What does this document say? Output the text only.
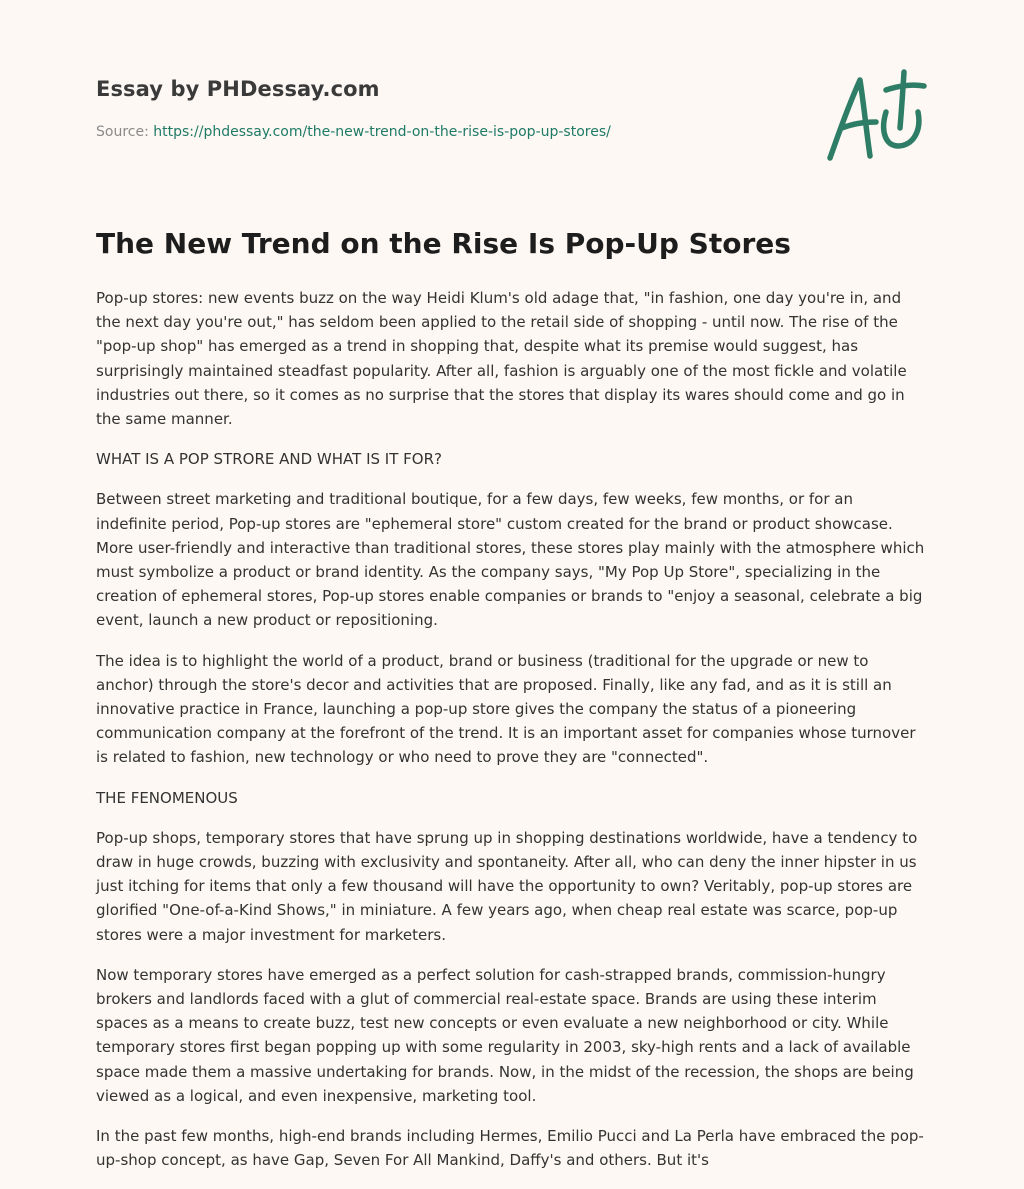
Essay by PHDessay.com

Source: https://phdessay.com/the-new-trend-on-the-rise-is-pop-up-stores/

The New Trend on the Rise Is Pop-Up Stores

Pop-up stores: new events buzz on the way Heidi Klum's old adage that, "in fashion, one day you're in, and the next day you're out," has seldom been applied to the retail side of shopping - until now. The rise of the "pop-up shop" has emerged as a trend in shopping that, despite what its premise would suggest, has surprisingly maintained steadfast popularity. After all, fashion is arguably one of the most fickle and volatile industries out there, so it comes as no surprise that the stores that display its wares should come and go in the same manner.

WHAT IS A POP STRORE AND WHAT IS IT FOR?

Between street marketing and traditional boutique, for a few days, few weeks, few months, or for an indefinite period, Pop-up stores are "ephemeral store" custom created for the brand or product showcase. More user-friendly and interactive than traditional stores, these stores play mainly with the atmosphere which must symbolize a product or brand identity. As the company says, "My Pop Up Store", specializing in the creation of ephemeral stores, Pop-up stores enable companies or brands to "enjoy a seasonal, celebrate a big event, launch a new product or repositioning.

The idea is to highlight the world of a product, brand or business (traditional for the upgrade or new to anchor) through the store's decor and activities that are proposed. Finally, like any fad, and as it is still an innovative practice in France, launching a pop-up store gives the company the status of a pioneering communication company at the forefront of the trend. It is an important asset for companies whose turnover is related to fashion, new technology or who need to prove they are "connected".

THE FENOMENOUS

Pop-up shops, temporary stores that have sprung up in shopping destinations worldwide, have a tendency to draw in huge crowds, buzzing with exclusivity and spontaneity. After all, who can deny the inner hipster in us just itching for items that only a few thousand will have the opportunity to own? Veritably, pop-up stores are glorified "One-of-a-Kind Shows," in miniature. A few years ago, when cheap real estate was scarce, pop-up stores were a major investment for marketers.

Now temporary stores have emerged as a perfect solution for cash-strapped brands, commission-hungry brokers and landlords faced with a glut of commercial real-estate space. Brands are using these interim spaces as a means to create buzz, test new concepts or even evaluate a new neighborhood or city. While temporary stores first began popping up with some regularity in 2003, sky-high rents and a lack of available space made them a massive undertaking for brands. Now, in the midst of the recession, the shops are being viewed as a logical, and even inexpensive, marketing tool.

In the past few months, high-end brands including Hermes, Emilio Pucci and La Perla have embraced the pop-up-shop concept, as have Gap, Seven For All Mankind, Daffy's and others. But it's
